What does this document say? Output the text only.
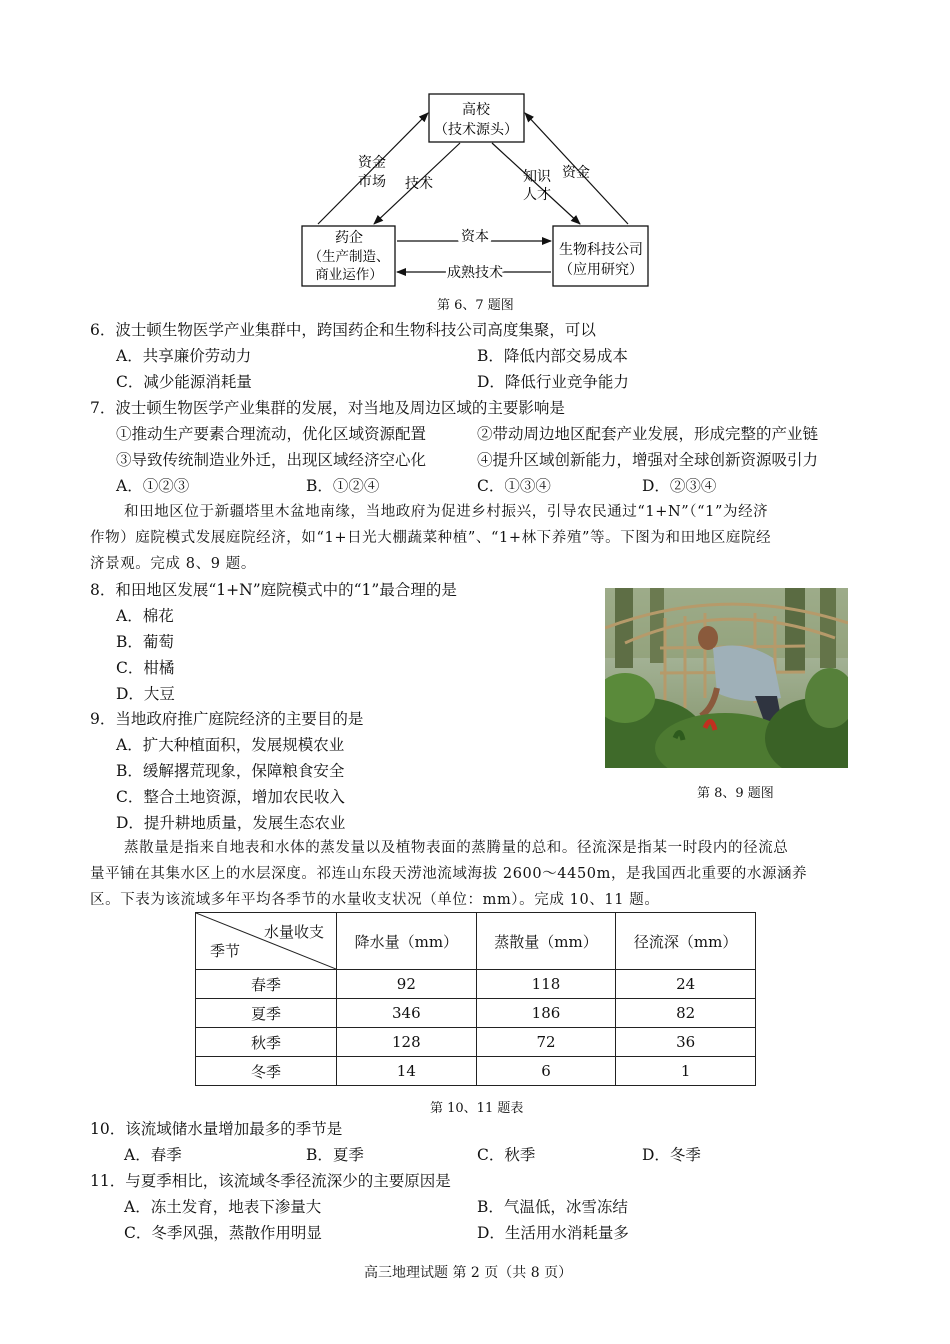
高校
（技术源头）
药企
（生产制造、
商业运作）
生物科技公司
（应用研究）
资金
市场 技术	知识
人才
资金
资本
成熟技术
第 6、7 题图
6．波士顿生物医学产业集群中，跨国药企和生物科技公司高度集聚，可以
A．共享廉价劳动力	B．降低内部交易成本
C．减少能源消耗量	D．降低行业竞争能力
7．波士顿生物医学产业集群的发展，对当地及周边区域的主要影响是
①推动生产要素合理流动，优化区域资源配置	②带动周边地区配套产业发展，形成完整的产业链
③导致传统制造业外迁，出现区域经济空心化	④提升区域创新能力，增强对全球创新资源吸引力
A．①②③	B．①②④	C．①③④	D．②③④
和田地区位于新疆塔里木盆地南缘，当地政府为促进乡村振兴，引导农民通过“1+N”（“1”为经济
作物）庭院模式发展庭院经济，如“1+日光大棚蔬菜种植”、“1+林下养殖”等。下图为和田地区庭院经
济景观。完成 8、9 题。
8．和田地区发展“1+N”庭院模式中的“1”最合理的是
A．棉花
B．葡萄
C．柑橘
D．大豆
第 8、9 题图
9．当地政府推广庭院经济的主要目的是
A．扩大种植面积，发展规模农业
B．缓解撂荒现象，保障粮食安全
C．整合土地资源，增加农民收入
D．提升耕地质量，发展生态农业
蒸散量是指来自地表和水体的蒸发量以及植物表面的蒸腾量的总和。径流深是指某一时段内的径流总
量平铺在其集水区上的水层深度。祁连山东段天涝池流域海拔 2600～4450m，是我国西北重要的水源涵养
区。下表为该流域多年平均各季节的水量收支状况（单位：mm）。完成 10、11 题。
水量收支
季节	降水量（mm）	蒸散量（mm）	径流深（mm）
春季	92	118	24
夏季	346	186	82
秋季	128	72	36
冬季	14	6	1
第 10、11 题表
10．该流域储水量增加最多的季节是
A．春季	B．夏季	C．秋季	D．冬季
11．与夏季相比，该流域冬季径流深少的主要原因是
A．冻土发育，地表下渗量大	B．气温低，冰雪冻结
C．冬季风强，蒸散作用明显	D．生活用水消耗量多
高三地理试题 第 2 页（共 8 页）
